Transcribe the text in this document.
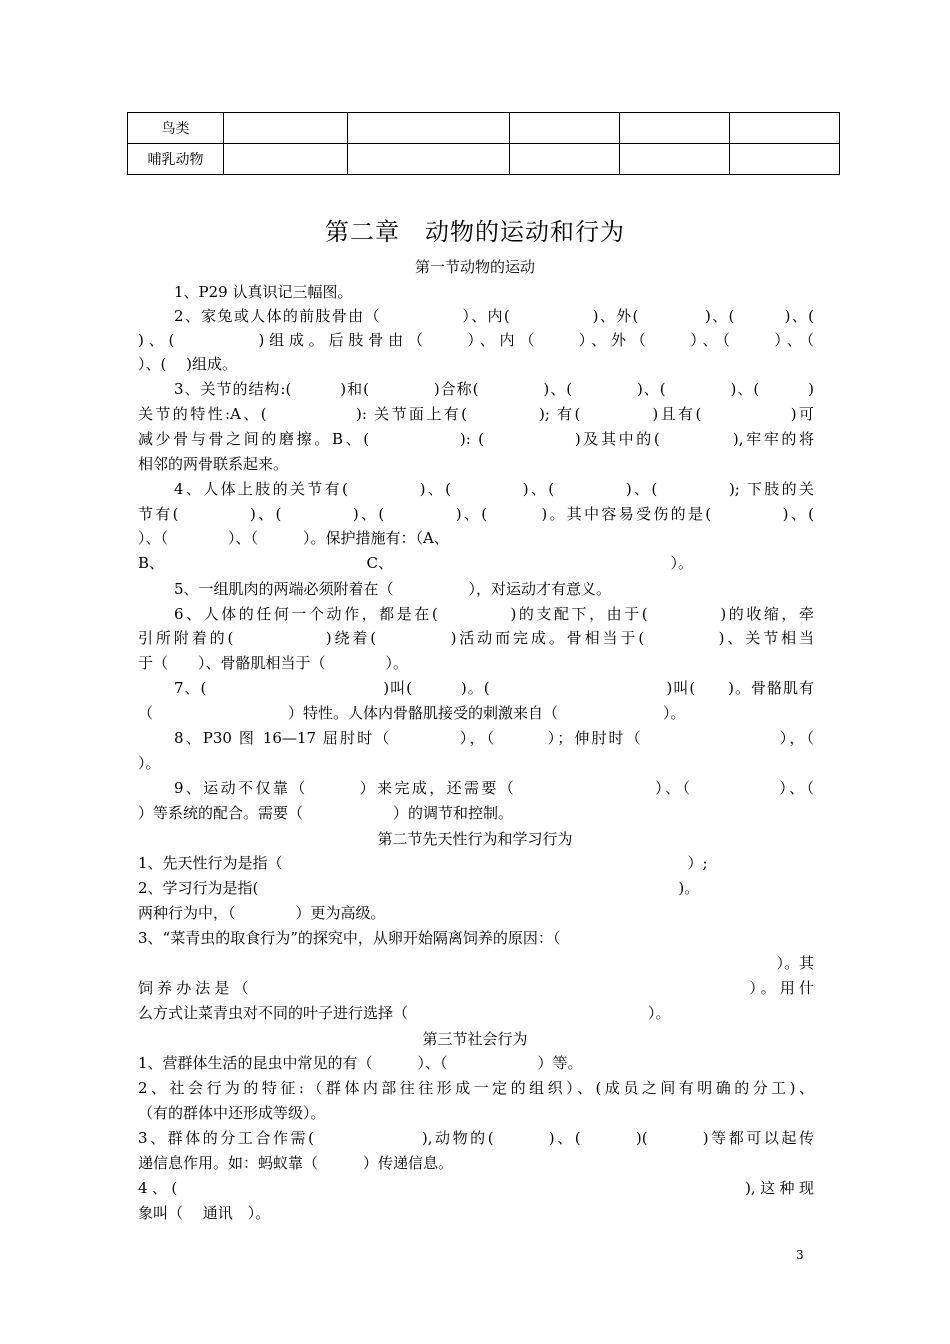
鸟类					
哺乳动物					
第二章　动物的运动和行为
第一节动物的运动
1、P29 认真识记三幅图。
2、家兔或人体的前肢骨由（　　　　　）、内(　　　　　)、外(　　　　)、(　　　)、(
)、(　　　　)组成。后肢骨由（　　）、内（　　）、外（　　）、（　　）、（
）、(　 )组成。
3、关节的结构:(　　　)和(　　　　)合称(　　　　)、(　　　　)、(　　　　)、(　　　)
关节的特性:A、(　　　　　): 关节面上有(　　　　); 有(　　　　)且有(　　　　　)可
减少骨与骨之间的磨擦。B、(　　　　　): (　　　　　)及其中的(　　　　),牢牢的将
相邻的两骨联系起来。
4、人体上肢的关节有(　　　　)、(　　　　)、(　　　　)、(　　　　); 下肢的关
节有(　　　　)、(　　　　)、(　　　　)、(　　　)。其中容易受伤的是(　　　　)、(
）、（　　　　）、（　　　）。保护措施有：（A、
B、　　　　　　　　　　　　　　C、　　　　　　　　　　　　　　　　　　　）。
5、一组肌肉的两端必须附着在（　　　　　），对运动才有意义。
6、人体的任何一个动作，都是在(　　　　)的支配下，由于(　　　　)的收缩，牵
引所附着的(　　　　　)绕着(　　　　)活动而完成。骨相当于(　　　　)、关节相当
于（　　）、骨骼肌相当于（　　　　）。
7、(　　　　　　　　　　　)叫(　　　)。(　　　　　　　　　　　)叫(　　)。骨骼肌有
（　　　　　　　　　）特性。人体内骨骼肌接受的刺激来自（　　　　　　　）。
8、P30 图 16—17 屈肘时（　　　　），（　　　）；伸肘时（　　　　　　　　），（
）。
9、运动不仅靠（　　　）来完成，还需要（　　　　　　　　）、（　　　　　）、（
）等系统的配合。需要（　　　　　　）的调节和控制。
第二节先天性行为和学习行为
1、先天性行为是指（　　　　　　　　　　　　　　　　　　　　　　　　　　　）;
2、学习行为是指(　　　　　　　　　　　　　　　　　　　　　　　　　　　　)。
两种行为中，（　　　　）更为高级。
3、“菜青虫的取食行为”的探究中，从卵开始隔离饲养的原因：（
）。其
饲养办法是（　　　　　　　　　　　　　　　　　　　　　　　　　　）。用什
么方式让菜青虫对不同的叶子进行选择（　　　　　　　　　　　　　　　　）。
第三节社会行为
1、营群体生活的昆虫中常见的有（　　　）、（　　　　　　）等。
2、社会行为的特征:（群体内部往往形成一定的组织）、(成员之间有明确的分工)、
（有的群体中还形成等级）。
3、群体的分工合作需(　　　　　　),动物的(　　　)、(　　　)(　　　)等都可以起传
递信息作用。如：蚂蚁靠（　　　）传递信息。
4、(　　　　　　　　　　　　　　　　　　　　　　　　　　　　　),这种现
象叫（　 通讯　）。
3
